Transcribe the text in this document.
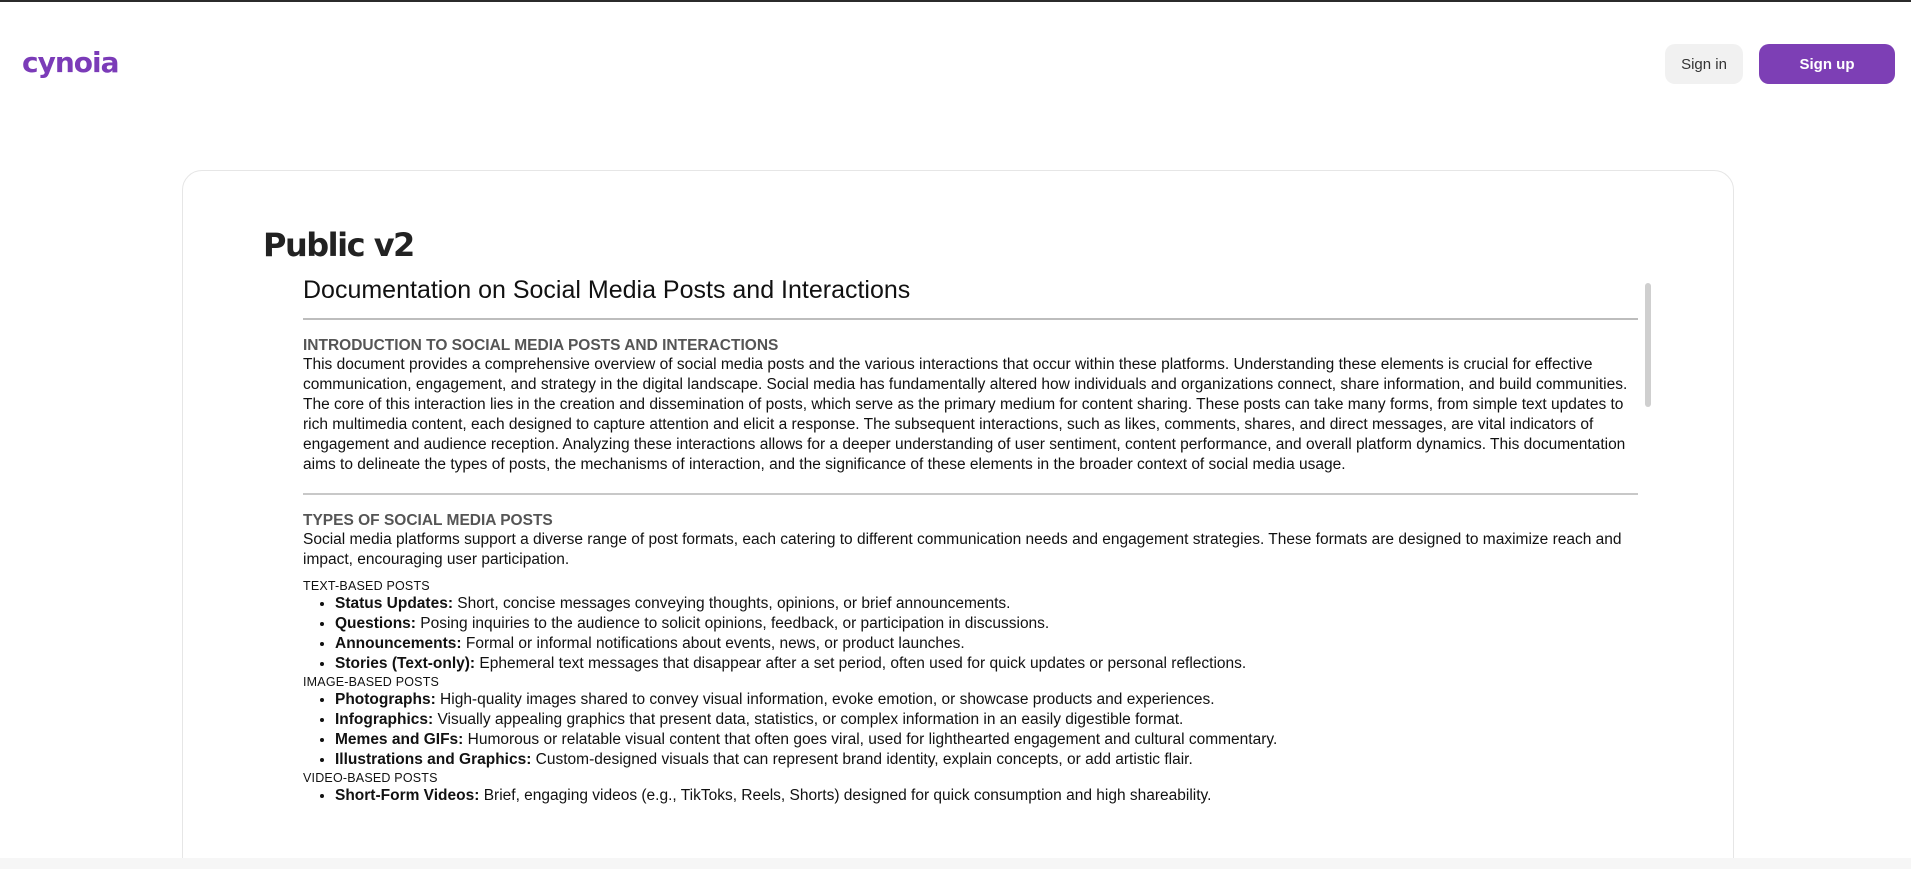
cynoia	Sign in	Sign up
Public v2
Documentation on Social Media Posts and Interactions
INTRODUCTION TO SOCIAL MEDIA POSTS AND INTERACTIONS

This document provides a comprehensive overview of social media posts and the various interactions that occur within these platforms. Understanding these elements is crucial for effective communication, engagement, and strategy in the digital landscape. Social media has fundamentally altered how individuals and organizations connect, share information, and build communities. The core of this interaction lies in the creation and dissemination of posts, which serve as the primary medium for content sharing. These posts can take many forms, from simple text updates to rich multimedia content, each designed to capture attention and elicit a response. The subsequent interactions, such as likes, comments, shares, and direct messages, are vital indicators of engagement and audience reception. Analyzing these interactions allows for a deeper understanding of user sentiment, content performance, and overall platform dynamics. This documentation aims to delineate the types of posts, the mechanisms of interaction, and the significance of these elements in the broader context of social media usage.

TYPES OF SOCIAL MEDIA POSTS

Social media platforms support a diverse range of post formats, each catering to different communication needs and engagement strategies. These formats are designed to maximize reach and impact, encouraging user participation.

TEXT-BASED POSTS
• Status Updates: Short, concise messages conveying thoughts, opinions, or brief announcements.
• Questions: Posing inquiries to the audience to solicit opinions, feedback, or participation in discussions.
• Announcements: Formal or informal notifications about events, news, or product launches.
• Stories (Text-only): Ephemeral text messages that disappear after a set period, often used for quick updates or personal reflections.
IMAGE-BASED POSTS
• Photographs: High-quality images shared to convey visual information, evoke emotion, or showcase products and experiences.
• Infographics: Visually appealing graphics that present data, statistics, or complex information in an easily digestible format.
• Memes and GIFs: Humorous or relatable visual content that often goes viral, used for lighthearted engagement and cultural commentary.
• Illustrations and Graphics: Custom-designed visuals that can represent brand identity, explain concepts, or add artistic flair.
VIDEO-BASED POSTS
• Short-Form Videos: Brief, engaging videos (e.g., TikToks, Reels, Shorts) designed for quick consumption and high shareability.
